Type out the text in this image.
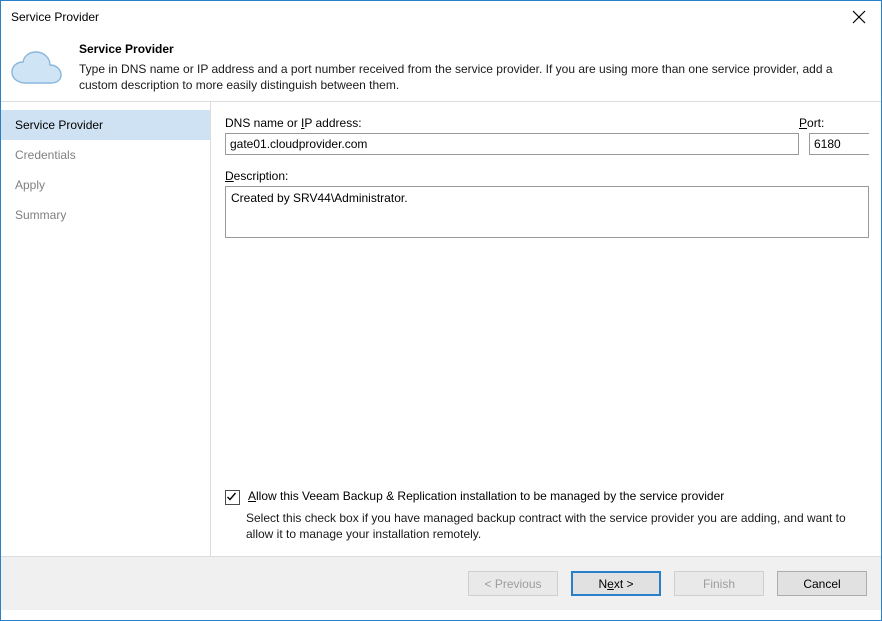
Service Provider
Service Provider
Type in DNS name or IP address and a port number received from the service provider. If you are using more than one service provider, add a custom description to more easily distinguish between them.
Service Provider
Credentials
Apply
Summary
DNS name or IP address:	Port:
gate01.cloudprovider.com
6180
Description:
Created by SRV44\Administrator.
Allow this Veeam Backup & Replication installation to be managed by the service provider
Select this check box if you have managed backup contract with the service provider you are adding, and want to allow it to manage your installation remotely.
< Previous	Next >	Finish	Cancel
